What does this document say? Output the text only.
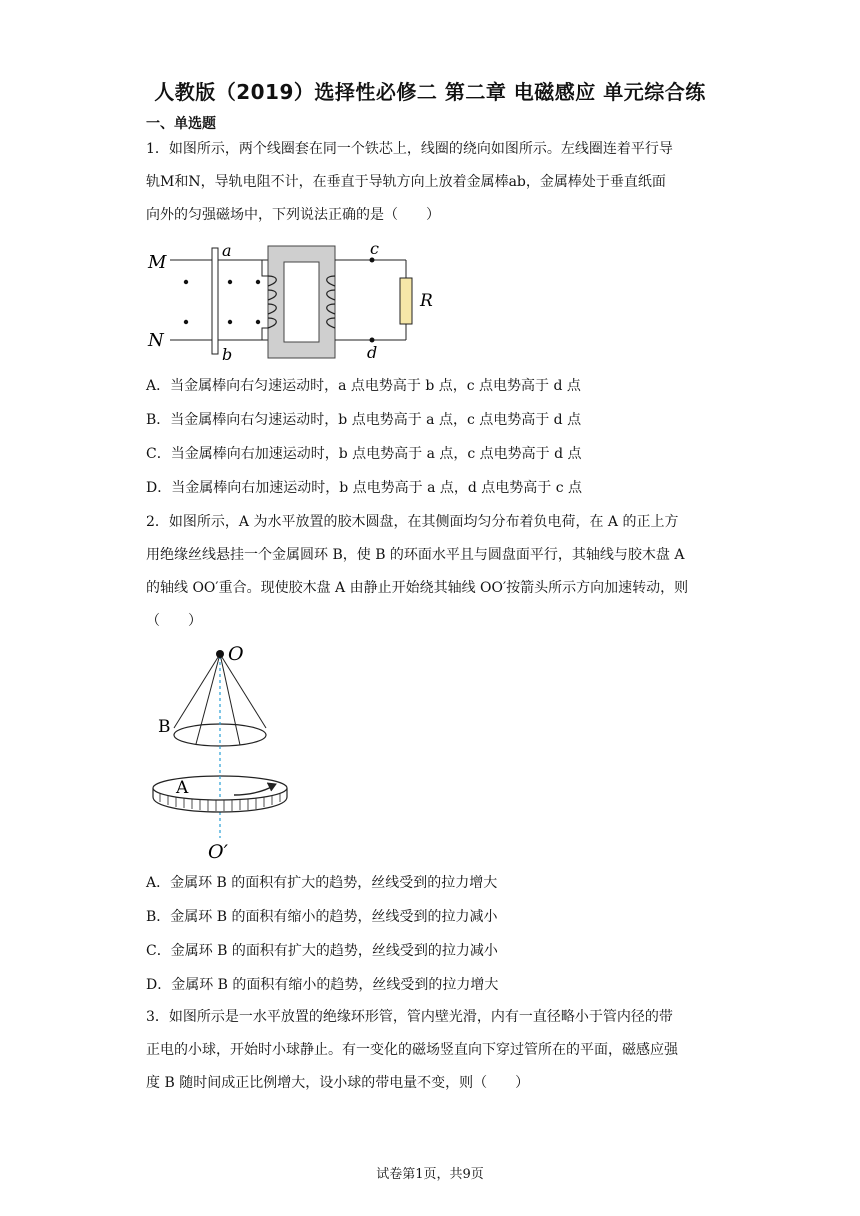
人教版（2019）选择性必修二 第二章 电磁感应 单元综合练
一、单选题
1．如图所示，两个线圈套在同一个铁芯上，线圈的绕向如图所示。左线圈连着平行导
轨M和N，导轨电阻不计，在垂直于导轨方向上放着金属棒ab，金属棒处于垂直纸面
向外的匀强磁场中，下列说法正确的是（　　）
M
N
a
b
c
d
R
A．当金属棒向右匀速运动时，a 点电势高于 b 点，c 点电势高于 d 点
B．当金属棒向右匀速运动时，b 点电势高于 a 点，c 点电势高于 d 点
C．当金属棒向右加速运动时，b 点电势高于 a 点，c 点电势高于 d 点
D．当金属棒向右加速运动时，b 点电势高于 a 点，d 点电势高于 c 点
2．如图所示，A 为水平放置的胶木圆盘，在其侧面均匀分布着负电荷，在 A 的正上方
用绝缘丝线悬挂一个金属圆环 B，使 B 的环面水平且与圆盘面平行，其轴线与胶木盘 A
的轴线 OO′重合。现使胶木盘 A 由静止开始绕其轴线 OO′按箭头所示方向加速转动，则
（　　）
O
O′
B
A
A．金属环 B 的面积有扩大的趋势，丝线受到的拉力增大
B．金属环 B 的面积有缩小的趋势，丝线受到的拉力减小
C．金属环 B 的面积有扩大的趋势，丝线受到的拉力减小
D．金属环 B 的面积有缩小的趋势，丝线受到的拉力增大
3．如图所示是一水平放置的绝缘环形管，管内壁光滑，内有一直径略小于管内径的带
正电的小球，开始时小球静止。有一变化的磁场竖直向下穿过管所在的平面，磁感应强
度 B 随时间成正比例增大，设小球的带电量不变，则（　　）
试卷第1页，共9页
